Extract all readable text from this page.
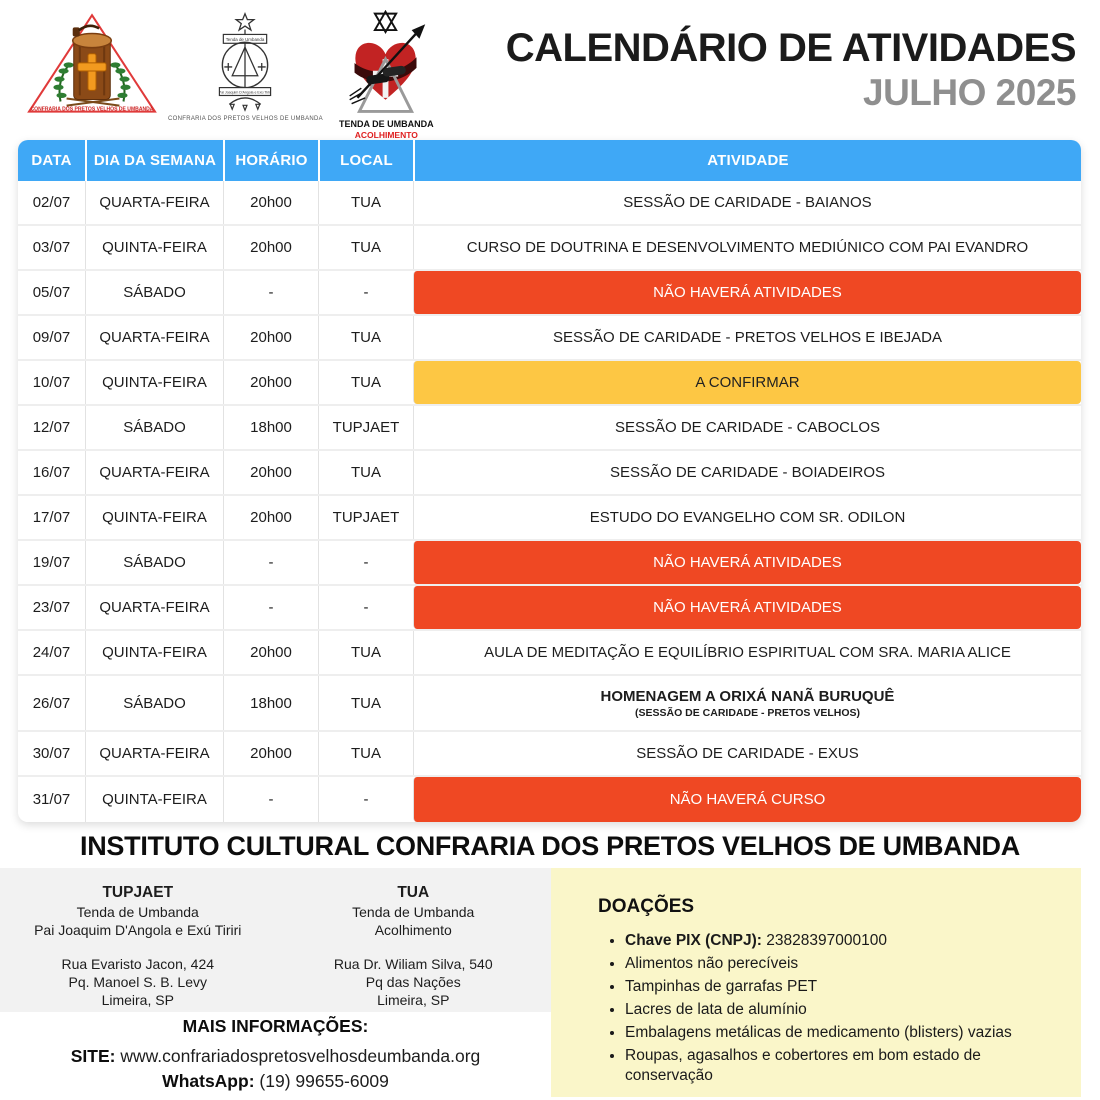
CONFRARIA DOS PRETOS VELHOS DE UMBANDA
Tenda de Umbanda
Pai Joaquim D'Angola e Exú Tiriri
CONFRARIA DOS PRETOS VELHOS DE UMBANDA TENDA DE UMBANDA
ACOLHIMENTO
CALENDÁRIO DE ATIVIDADES
JULHO 2025
DATA	DIA DA SEMANA	HORÁRIO	LOCAL	ATIVIDADE
02/07	QUARTA-FEIRA	20h00	TUA	SESSÃO DE CARIDADE - BAIANOS
03/07	QUINTA-FEIRA	20h00	TUA	CURSO DE DOUTRINA E DESENVOLVIMENTO MEDIÚNICO COM PAI EVANDRO
05/07	SÁBADO	-	-	NÃO HAVERÁ ATIVIDADES
09/07	QUARTA-FEIRA	20h00	TUA	SESSÃO DE CARIDADE - PRETOS VELHOS E IBEJADA
10/07	QUINTA-FEIRA	20h00	TUA	A CONFIRMAR
12/07	SÁBADO	18h00	TUPJAET	SESSÃO DE CARIDADE - CABOCLOS
16/07	QUARTA-FEIRA	20h00	TUA	SESSÃO DE CARIDADE - BOIADEIROS
17/07	QUINTA-FEIRA	20h00	TUPJAET	ESTUDO DO EVANGELHO COM SR. ODILON
19/07	SÁBADO	-	-	NÃO HAVERÁ ATIVIDADES
23/07	QUARTA-FEIRA	-	-	NÃO HAVERÁ ATIVIDADES
24/07	QUINTA-FEIRA	20h00	TUA	AULA DE MEDITAÇÃO E EQUILÍBRIO ESPIRITUAL COM SRA. MARIA ALICE
26/07	SÁBADO	18h00	TUA	HOMENAGEM A ORIXÁ NANÃ BURUQUÊ
(SESSÃO DE CARIDADE - PRETOS VELHOS)
30/07	QUARTA-FEIRA	20h00	TUA	SESSÃO DE CARIDADE - EXUS
31/07	QUINTA-FEIRA	-	-	NÃO HAVERÁ CURSO
INSTITUTO CULTURAL CONFRARIA DOS PRETOS VELHOS DE UMBANDA
TUPJAET
Tenda de Umbanda
Pai Joaquim D'Angola e Exú Tiriri
Rua Evaristo Jacon, 424
Pq. Manoel S. B. Levy
Limeira, SP
TUA
Tenda de Umbanda
Acolhimento
Rua Dr. Wiliam Silva, 540
Pq das Nações
Limeira, SP
MAIS INFORMAÇÕES:
SITE: www.confrariadospretosvelhosdeumbanda.org
WhatsApp: (19) 99655-6009
DOAÇÕES
• Chave PIX (CNPJ): 23828397000100
• Alimentos não perecíveis
• Tampinhas de garrafas PET
• Lacres de lata de alumínio
• Embalagens metálicas de medicamento (blisters) vazias
• Roupas, agasalhos e cobertores em bom estado de conservação
